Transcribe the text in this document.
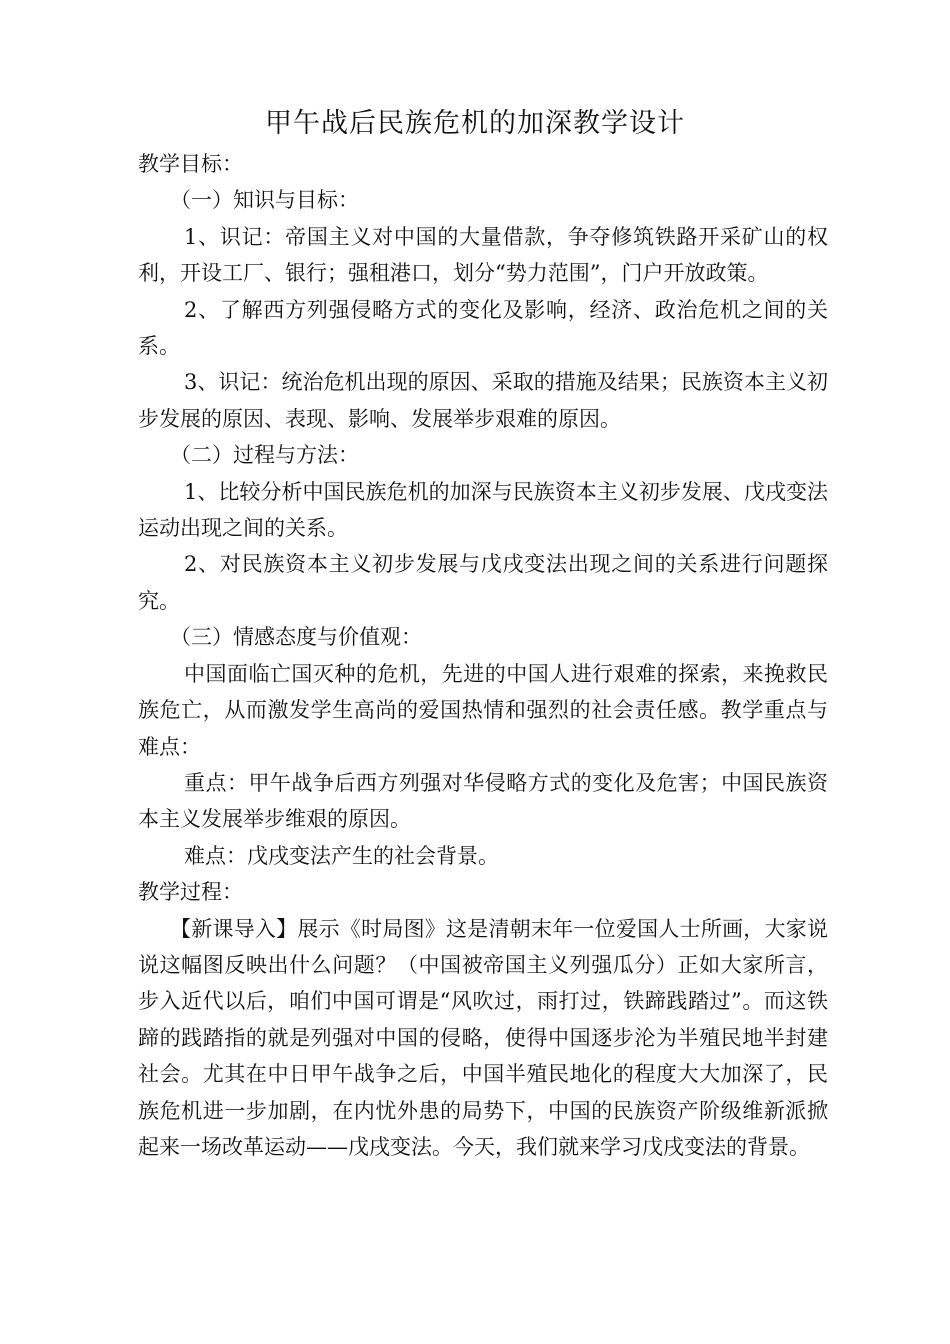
甲午战后民族危机的加深教学设计

教学目标：

（一）知识与目标：

1、识记：帝国主义对中国的大量借款，争夺修筑铁路开采矿山的权利，开设工厂、银行；强租港口，划分“势力范围”，门户开放政策。

2、了解西方列强侵略方式的变化及影响，经济、政治危机之间的关系。

3、识记：统治危机出现的原因、采取的措施及结果；民族资本主义初步发展的原因、表现、影响、发展举步艰难的原因。

（二）过程与方法：

1、比较分析中国民族危机的加深与民族资本主义初步发展、戊戌变法运动出现之间的关系。

2、对民族资本主义初步发展与戊戌变法出现之间的关系进行问题探究。

（三）情感态度与价值观：

中国面临亡国灭种的危机，先进的中国人进行艰难的探索，来挽救民族危亡，从而激发学生高尚的爱国热情和强烈的社会责任感。教学重点与难点：

重点：甲午战争后西方列强对华侵略方式的变化及危害；中国民族资本主义发展举步维艰的原因。

难点：戊戌变法产生的社会背景。

教学过程：

【新课导入】展示《时局图》这是清朝末年一位爱国人士所画，大家说说这幅图反映出什么问题？（中国被帝国主义列强瓜分）正如大家所言，步入近代以后，咱们中国可谓是“风吹过，雨打过，铁蹄践踏过”。而这铁蹄的践踏指的就是列强对中国的侵略，使得中国逐步沦为半殖民地半封建社会。尤其在中日甲午战争之后，中国半殖民地化的程度大大加深了，民族危机进一步加剧，在内忧外患的局势下，中国的民族资产阶级维新派掀起来一场改革运动——戊戌变法。今天，我们就来学习戊戌变法的背景。
